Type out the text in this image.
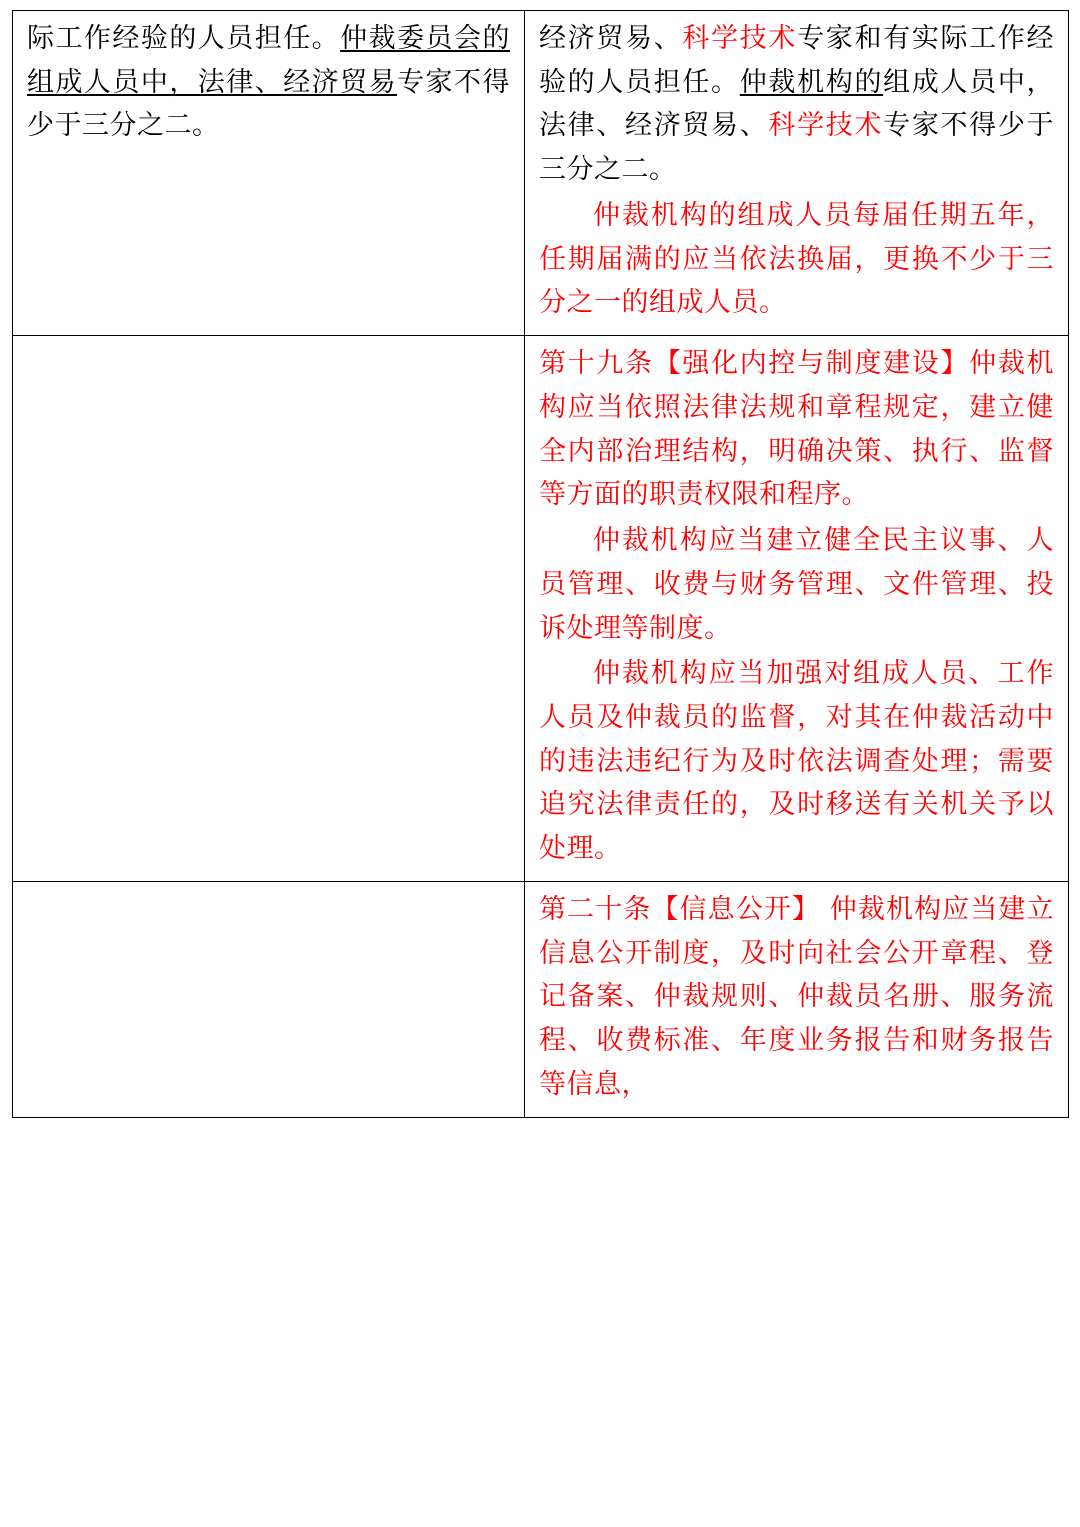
际工作经验的人员担任。仲裁委员会的组成人员中，法律、经济贸易专家不得少于三分之二。	经济贸易、科学技术专家和有实际工作经验的人员担任。仲裁机构的组成人员中，法律、经济贸易、科学技术专家不得少于三分之二。

仲裁机构的组成人员每届任期五年，任期届满的应当依法换届，更换不少于三分之一的组成人员。

	第十九条【强化内控与制度建设】仲裁机构应当依照法律法规和章程规定，建立健全内部治理结构，明确决策、执行、监督等方面的职责权限和程序。

仲裁机构应当建立健全民主议事、人员管理、收费与财务管理、文件管理、投诉处理等制度。

仲裁机构应当加强对组成人员、工作人员及仲裁员的监督，对其在仲裁活动中的违法违纪行为及时依法调查处理；需要追究法律责任的，及时移送有关机关予以处理。

	第二十条【信息公开】 仲裁机构应当建立信息公开制度，及时向社会公开章程、登记备案、仲裁规则、仲裁员名册、服务流程、收费标准、年度业务报告和财务报告等信息，
